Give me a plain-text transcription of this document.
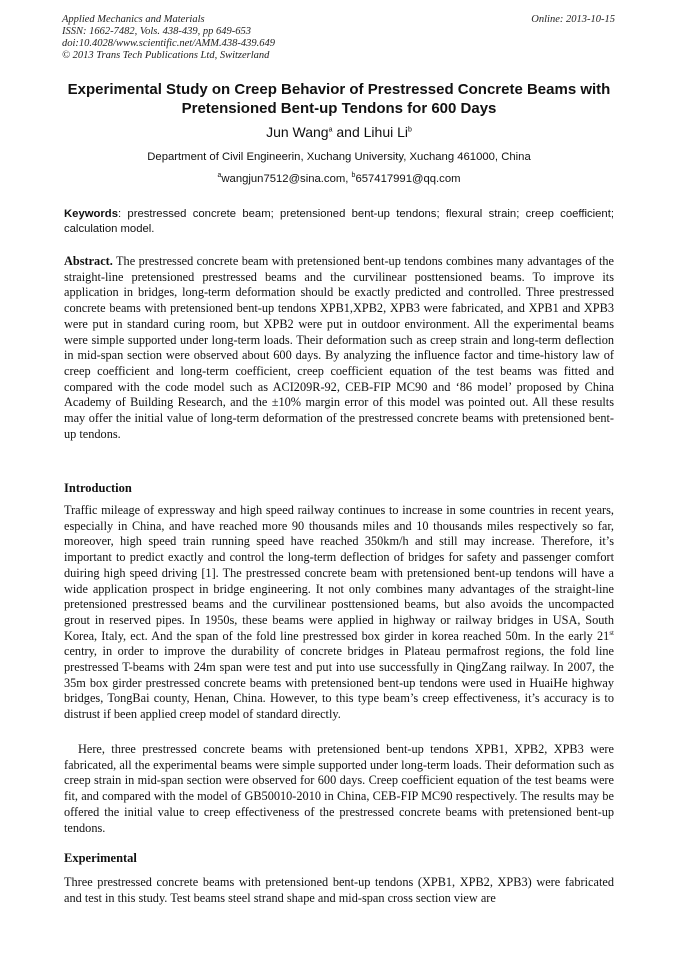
Applied Mechanics and Materials
ISSN: 1662-7482, Vols. 438-439, pp 649-653
doi:10.4028/www.scientific.net/AMM.438-439.649
© 2013 Trans Tech Publications Ltd, Switzerland
Online: 2013-10-15
Experimental Study on Creep Behavior of Prestressed Concrete Beams with Pretensioned Bent-up Tendons for 600 Days
Jun Wang$^a$ and Lihui Li$^b$
Department of Civil Engineerin, Xuchang University, Xuchang 461000, China
$^a$wangjun7512@sina.com, $^b$657417991@qq.com
Keywords: prestressed concrete beam; pretensioned bent-up tendons; flexural strain; creep coefficient; calculation model.
Abstract. The prestressed concrete beam with pretensioned bent-up tendons combines many advantages of the straight-line pretensioned prestressed beams and the curvilinear posttensioned beams. To improve its application in bridges, long-term deformation should be exactly predicted and controlled. Three prestressed concrete beams with pretensioned bent-up tendons XPB1,XPB2, XPB3 were fabricated, and XPB1 and XPB3 were put in standard curing room, but XPB2 were put in outdoor environment. All the experimental beams were simple supported under long-term loads. Their deformation such as creep strain and long-term deflection in mid-span section were observed about 600 days. By analyzing the influence factor and time-history law of creep coefficient and long-term coefficient, creep coefficient equation of the test beams was fitted and compared with the code model such as ACI209R-92, CEB-FIP MC90 and ‘86 model’ proposed by China Academy of Building Research, and the ±10% margin error of this model was pointed out. All these results may offer the initial value of long-term deformation of the prestressed concrete beams with pretensioned bent-up tendons.
Introduction
Traffic mileage of expressway and high speed railway continues to increase in some countries in recent years, especially in China, and have reached more 90 thousands miles and 10 thousands miles respectively so far, moreover, high speed train running speed have reached 350km/h and still may increase. Therefore, it’s important to predict exactly and control the long-term deflection of bridges for safety and passenger comfort duiring high speed driving [1]. The prestressed concrete beam with pretensioned bent-up tendons will have a wide application prospect in bridge engineering. It not only combines many advantages of the straight-line pretensioned prestressed beams and the curvilinear posttensioned beams, but also avoids the uncompacted grout in reserved pipes. In 1950s, these beams were applied in highway or railway bridges in USA, South Korea, Italy, ect. And the span of the fold line prestressed box girder in korea reached 50m. In the early 21st centry, in order to improve the durability of concrete bridges in Plateau permafrost regions, the fold line prestressed T-beams with 24m span were test and put into use successfully in QingZang railway. In 2007, the 35m box girder prestressed concrete beams with pretensioned bent-up tendons were used in HuaiHe highway bridges, TongBai county, Henan, China. However, to this type beam’s creep effectiveness, it’s accuracy is to distrust if been applied creep model of standard directly.
Here, three prestressed concrete beams with pretensioned bent-up tendons XPB1, XPB2, XPB3 were fabricated, all the experimental beams were simple supported under long-term loads. Their deformation such as creep strain in mid-span section were observed for 600 days. Creep coefficient equation of the test beams were fit, and compared with the model of GB50010-2010 in China, CEB-FIP MC90 respectively. The results may be offered the initial value to creep effectiveness of the prestressed concrete beams with pretensioned bent-up tendons.
Experimental
Three prestressed concrete beams with pretensioned bent-up tendons (XPB1, XPB2, XPB3) were fabricated and test in this study. Test beams steel strand shape and mid-span cross section view are
